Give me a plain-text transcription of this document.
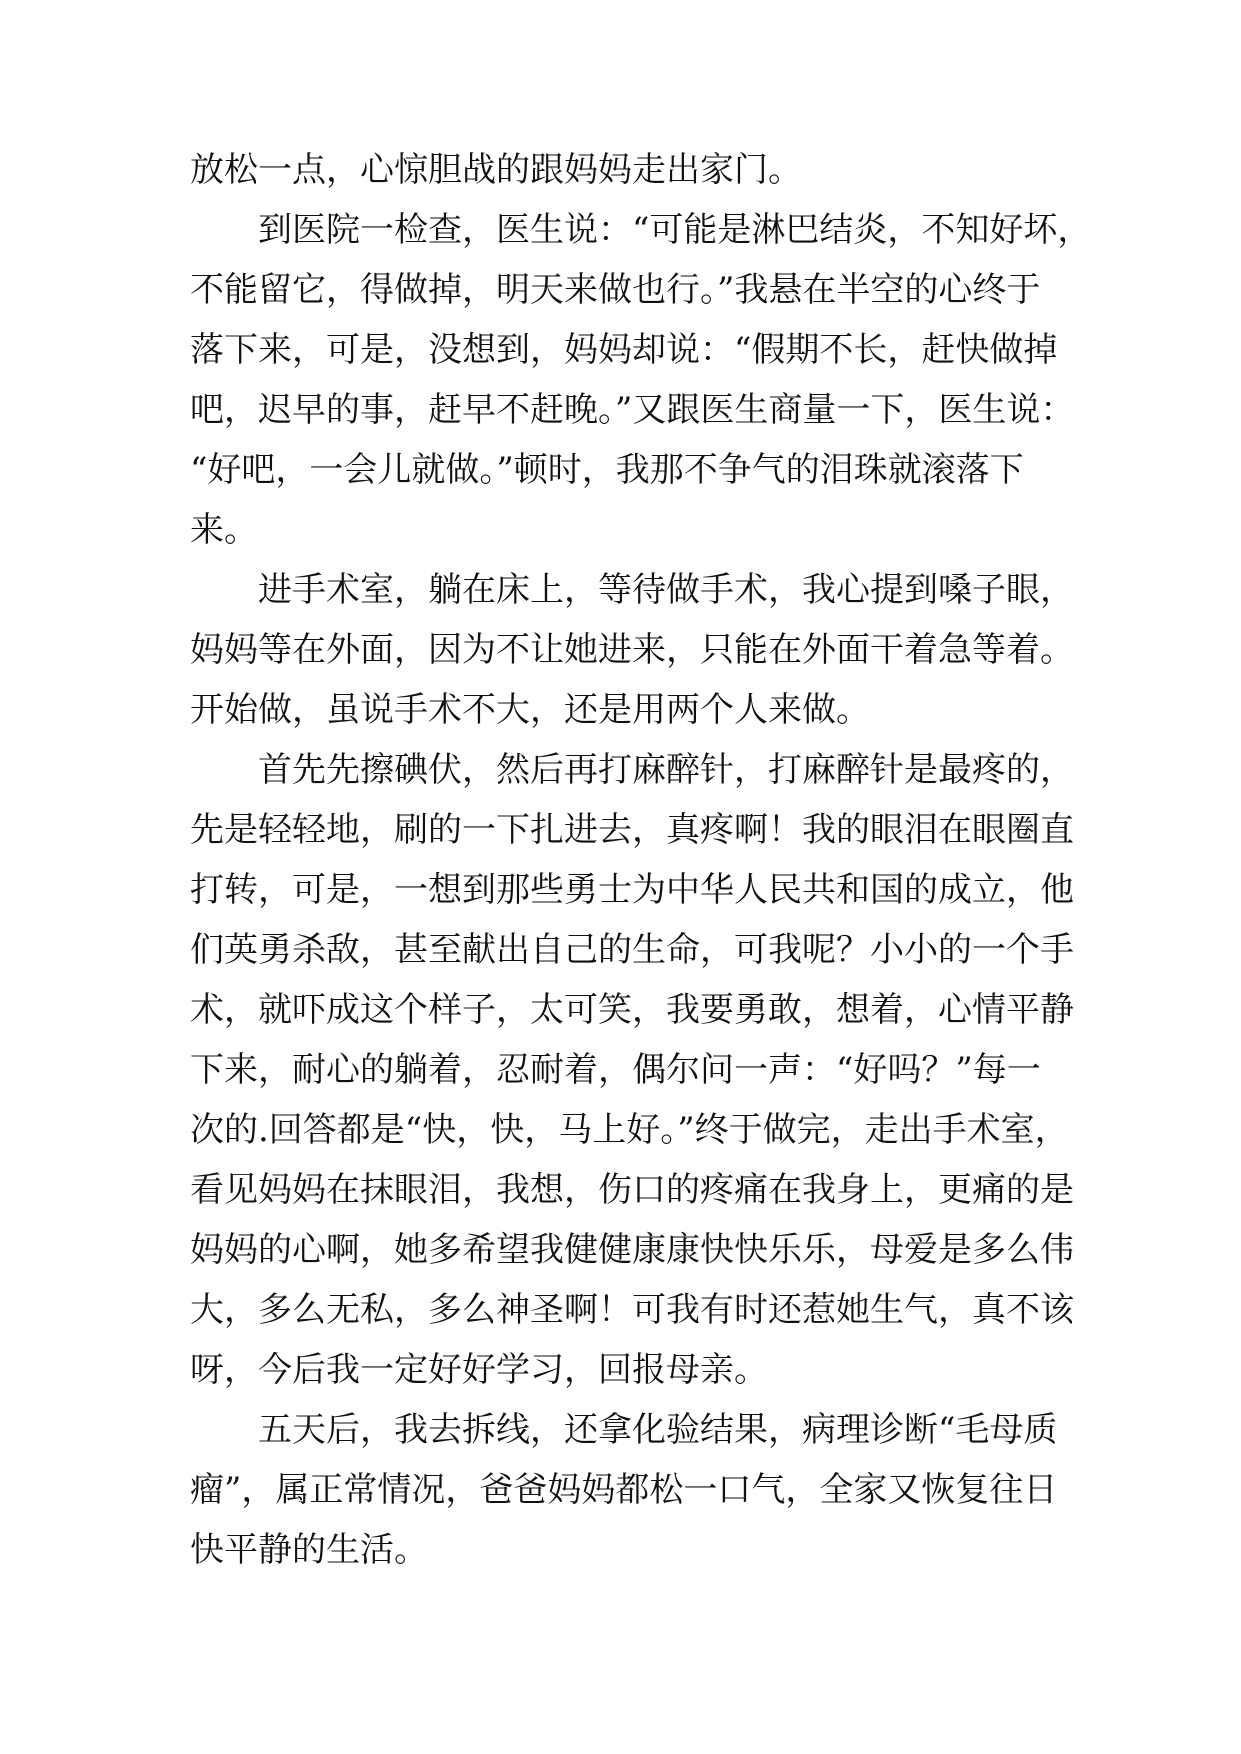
放松一点，心惊胆战的跟妈妈走出家门。
到医院一检查，医生说：“可能是淋巴结炎，不知好坏，
不能留它，得做掉，明天来做也行。”我悬在半空的心终于
落下来，可是，没想到，妈妈却说：“假期不长，赶快做掉
吧，迟早的事，赶早不赶晚。”又跟医生商量一下，医生说：
“好吧，一会儿就做。”顿时，我那不争气的泪珠就滚落下
来。
进手术室，躺在床上，等待做手术，我心提到嗓子眼，
妈妈等在外面，因为不让她进来，只能在外面干着急等着。
开始做，虽说手术不大，还是用两个人来做。
首先先擦碘伏，然后再打麻醉针，打麻醉针是最疼的，
先是轻轻地，刷的一下扎进去，真疼啊！我的眼泪在眼圈直
打转，可是，一想到那些勇士为中华人民共和国的成立，他
们英勇杀敌，甚至献出自己的生命，可我呢？小小的一个手
术，就吓成这个样子，太可笑，我要勇敢，想着，心情平静
下来，耐心的躺着，忍耐着，偶尔问一声：“好吗？”每一
次的.回答都是“快，快，马上好。”终于做完，走出手术室，
看见妈妈在抹眼泪，我想，伤口的疼痛在我身上，更痛的是
妈妈的心啊，她多希望我健健康康快快乐乐，母爱是多么伟
大，多么无私，多么神圣啊！可我有时还惹她生气，真不该
呀，今后我一定好好学习，回报母亲。
五天后，我去拆线，还拿化验结果，病理诊断“毛母质
瘤”，属正常情况，爸爸妈妈都松一口气，全家又恢复往日
快平静的生活。
